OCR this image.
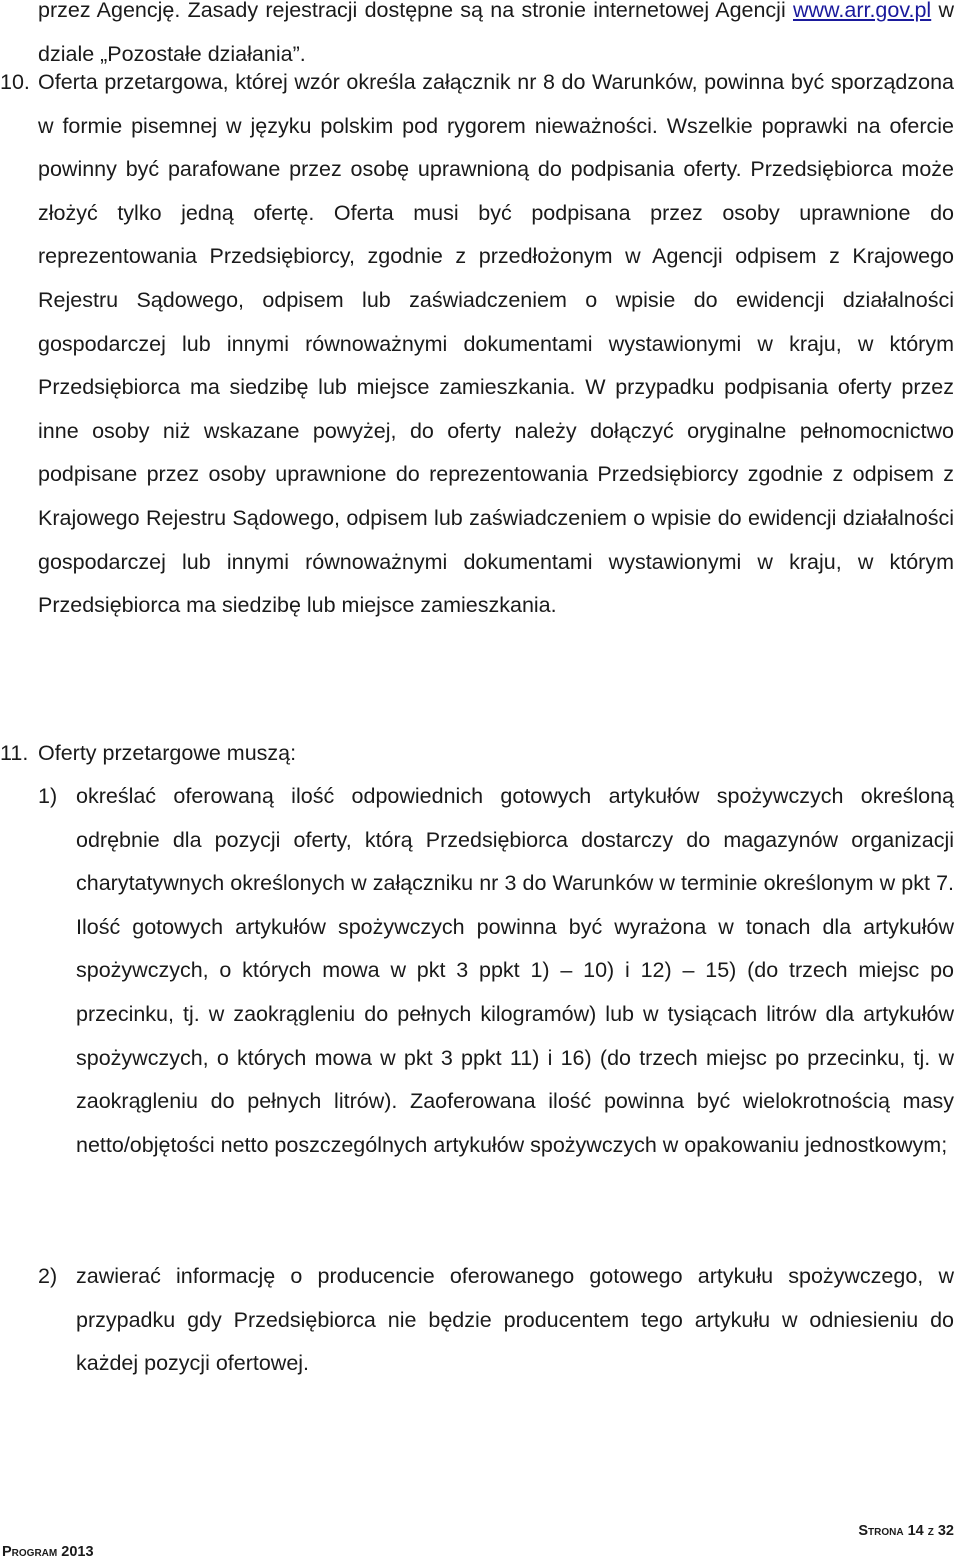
przez Agencję. Zasady rejestracji dostępne są na stronie internetowej Agencji www.arr.gov.pl w dziale „Pozostałe działania”.

10. Oferta przetargowa, której wzór określa załącznik nr 8 do Warunków, powinna być sporządzona w formie pisemnej w języku polskim pod rygorem nieważności. Wszelkie poprawki na ofercie powinny być parafowane przez osobę uprawnioną do podpisania oferty. Przedsiębiorca może złożyć tylko jedną ofertę. Oferta musi być podpisana przez osoby uprawnione do reprezentowania Przedsiębiorcy, zgodnie z przedłożonym w Agencji odpisem z Krajowego Rejestru Sądowego, odpisem lub zaświadczeniem o wpisie do ewidencji działalności gospodarczej lub innymi równoważnymi dokumentami wystawionymi w kraju, w którym Przedsiębiorca ma siedzibę lub miejsce zamieszkania. W przypadku podpisania oferty przez inne osoby niż wskazane powyżej, do oferty należy dołączyć oryginalne pełnomocnictwo podpisane przez osoby uprawnione do reprezentowania Przedsiębiorcy zgodnie z odpisem z Krajowego Rejestru Sądowego, odpisem lub zaświadczeniem o wpisie do ewidencji działalności gospodarczej lub innymi równoważnymi dokumentami wystawionymi w kraju, w którym Przedsiębiorca ma siedzibę lub miejsce zamieszkania.

11. Oferty przetargowe muszą:

1) określać oferowaną ilość odpowiednich gotowych artykułów spożywczych określoną odrębnie dla pozycji oferty, którą Przedsiębiorca dostarczy do magazynów organizacji charytatywnych określonych w załączniku nr 3 do Warunków w terminie określonym w pkt 7. Ilość gotowych artykułów spożywczych powinna być wyrażona w tonach dla artykułów spożywczych, o których mowa w pkt 3 ppkt 1) – 10) i 12) – 15) (do trzech miejsc po przecinku, tj. w zaokrągleniu do pełnych kilogramów) lub w tysiącach litrów dla artykułów spożywczych, o których mowa w pkt 3 ppkt 11) i 16) (do trzech miejsc po przecinku, tj. w zaokrągleniu do pełnych litrów). Zaoferowana ilość powinna być wielokrotnością masy netto/objętości netto poszczególnych artykułów spożywczych w opakowaniu jednostkowym;

2) zawierać informację o producencie oferowanego gotowego artykułu spożywczego, w przypadku gdy Przedsiębiorca nie będzie producentem tego artykułu w odniesieniu do każdej pozycji ofertowej.

Strona 14 z 32
Program 2013
